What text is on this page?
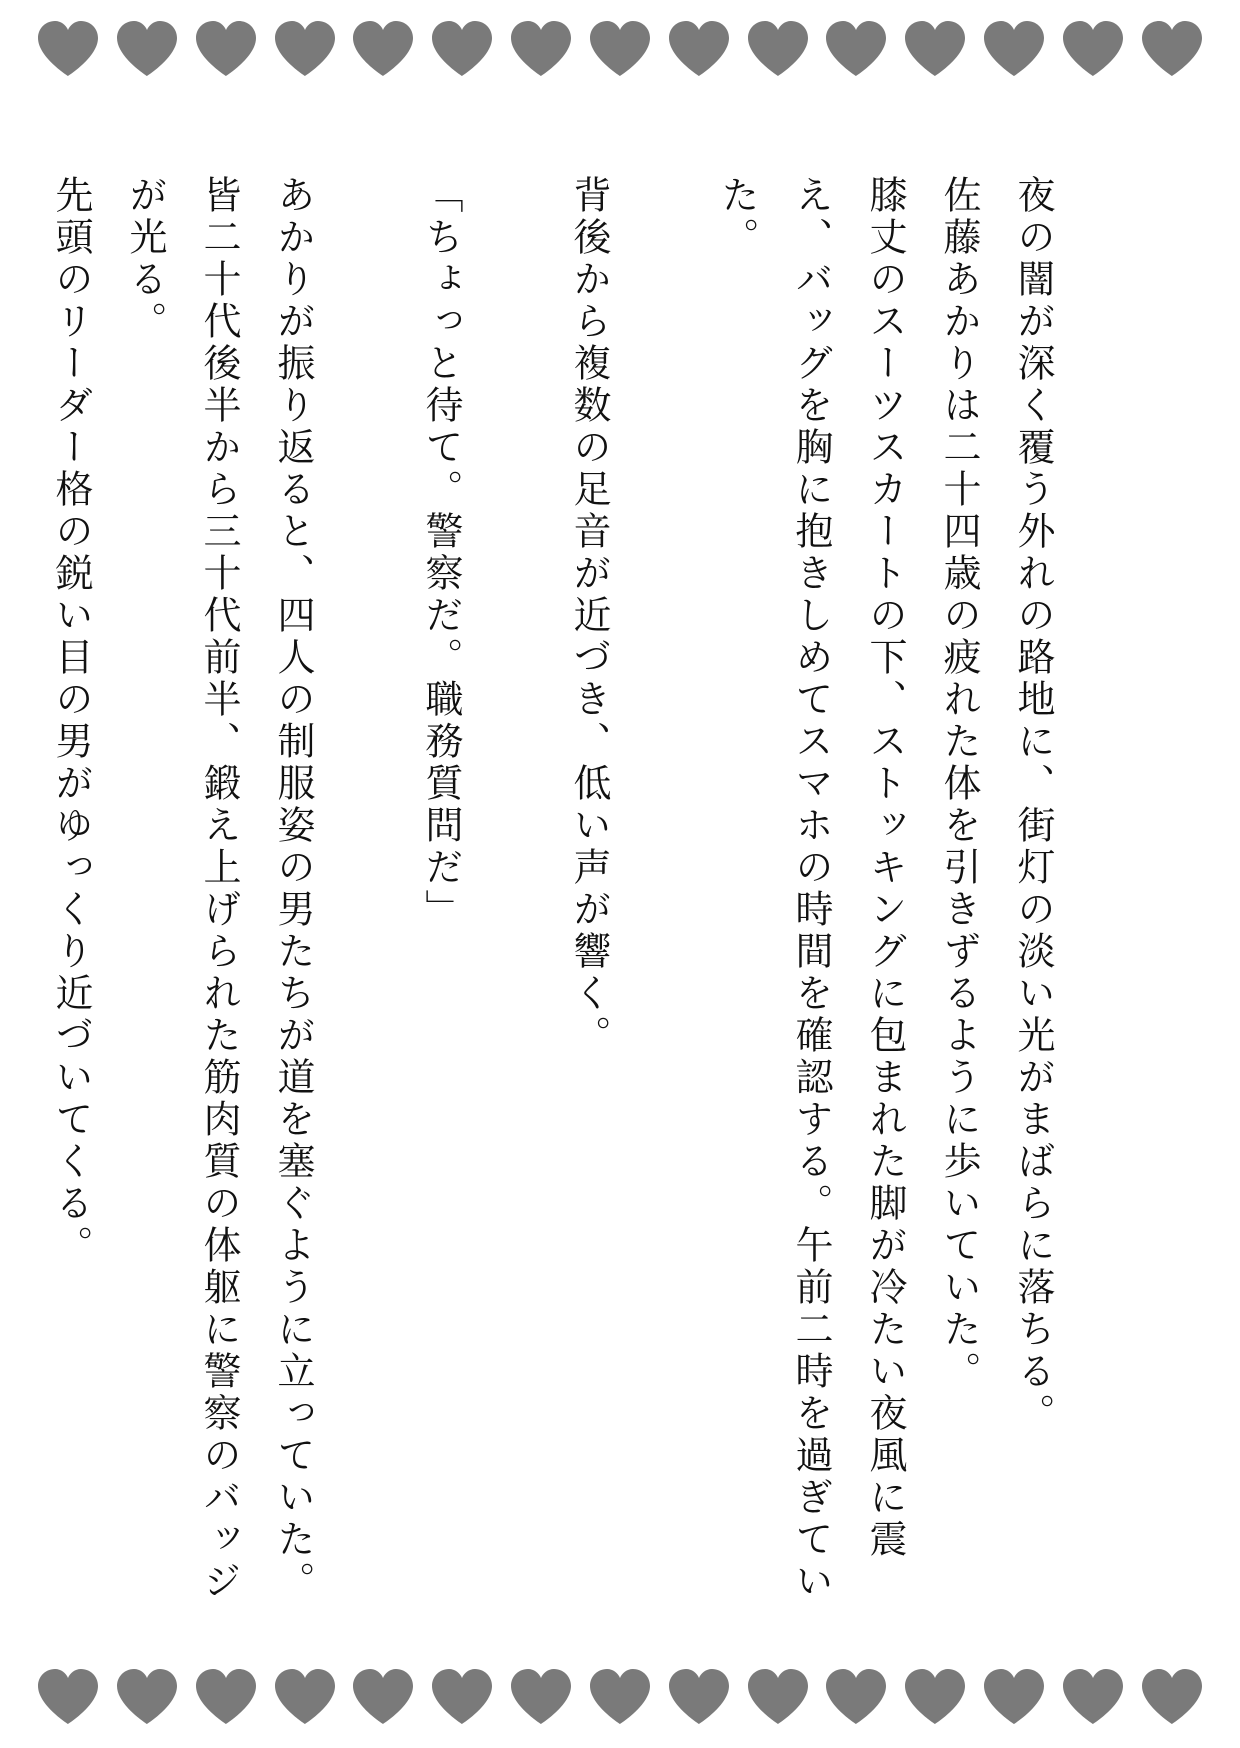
夜の闇が深く覆う外れの路地に、街灯の淡い光がまばらに落ちる。

佐藤あかりは二十四歳の疲れた体を引きずるように歩いていた。

膝丈のスーツスカートの下、ストッキングに包まれた脚が冷たい夜風に震え、バッグを胸に抱きしめてスマホの時間を確認する。午前二時を過ぎていた。

背後から複数の足音が近づき、低い声が響く。

「ちょっと待て。警察だ。職務質問だ」

あかりが振り返ると、四人の制服姿の男たちが道を塞ぐように立っていた。

皆二十代後半から三十代前半、鍛え上げられた筋肉質の体躯に警察のバッジが光る。

先頭のリーダー格の鋭い目の男がゆっくり近づいてくる。
